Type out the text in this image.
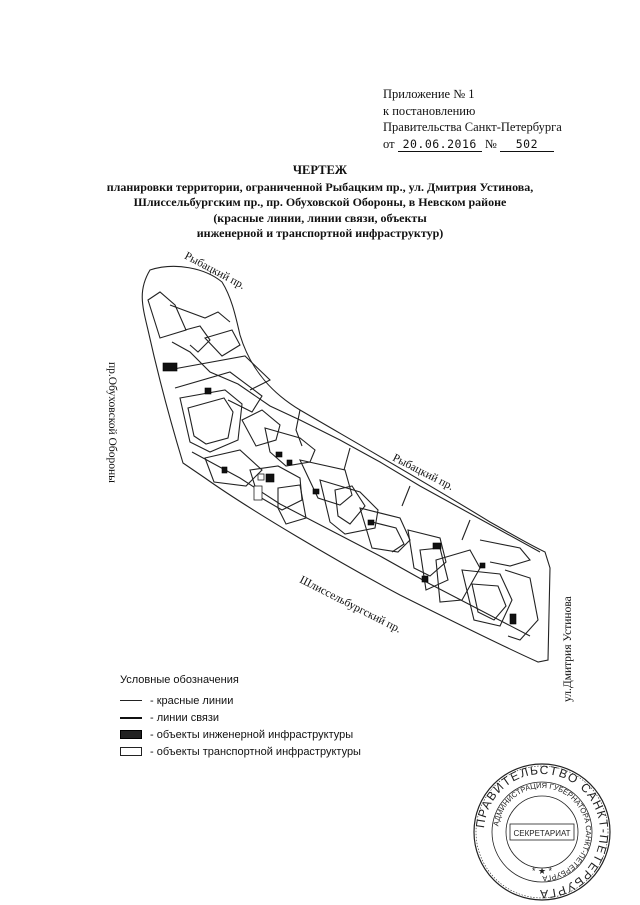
Приложение № 1
к постановлению
Правительства Санкт-Петербурга
от 20.06.2016 № 502
ЧЕРТЕЖ
планировки территории, ограниченной Рыбацким пр., ул. Дмитрия Устинова,
Шлиссельбургским пр., пр. Обуховской Обороны, в Невском районе
(красные линии, линии связи, объекты
инженерной и транспортной инфраструктур)
Рыбацкий пр.
Рыбацкий пр.
пр.Обуховской Обороны
Шлиссельбургский пр.	ул.Дмитрия Устинова
Условные обозначения
- красные линии
- линии связи
- объекты инженерной инфраструктуры
- объекты транспортной инфраструктуры
ПРАВИТЕЛЬСТВО САНКТ-ПЕТЕРБУРГА
АДМИНИСТРАЦИЯ ГУБЕРНАТОРА САНКТ-ПЕТЕРБУРГА
СЕКРЕТАРИАТ
* ★ *
